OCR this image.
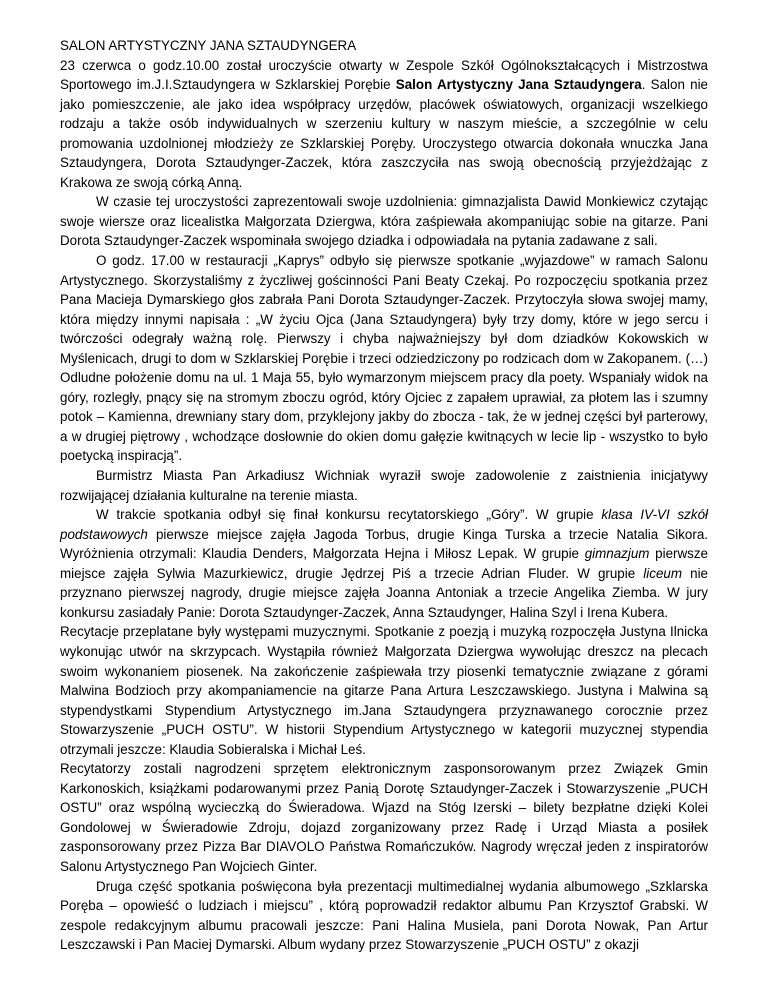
SALON ARTYSTYCZNY JANA SZTAUDYNGERA

23 czerwca o godz.10.00 został uroczyście otwarty w Zespole Szkół Ogólnokształcących i Mistrzostwa Sportowego im.J.I.Sztaudyngera w Szklarskiej Porębie Salon Artystyczny Jana Sztaudyngera. Salon nie jako pomieszczenie, ale jako idea współpracy urzędów, placówek oświatowych, organizacji wszelkiego rodzaju a także osób indywidualnych w szerzeniu kultury w naszym mieście, a szczególnie w celu promowania uzdolnionej młodzieży ze Szklarskiej Poręby. Uroczystego otwarcia dokonała wnuczka Jana Sztaudyngera, Dorota Sztaudynger-Zaczek, która zaszczyciła nas swoją obecnością przyjeżdżając z Krakowa ze swoją córką Anną.

W czasie tej uroczystości zaprezentowali swoje uzdolnienia: gimnazjalista Dawid Monkiewicz czytając swoje wiersze oraz licealistka Małgorzata Dziergwa, która zaśpiewała akompaniując sobie na gitarze. Pani Dorota Sztaudynger-Zaczek wspominała swojego dziadka i odpowiadała na pytania zadawane z sali.

O godz. 17.00 w restauracji „Kaprys” odbyło się pierwsze spotkanie „wyjazdowe” w ramach Salonu Artystycznego. Skorzystaliśmy z życzliwej gościnności Pani Beaty Czekaj. Po rozpoczęciu spotkania przez Pana Macieja Dymarskiego głos zabrała Pani Dorota Sztaudynger-Zaczek. Przytoczyła słowa swojej mamy, która między innymi napisała : „W życiu Ojca (Jana Sztaudyngera) były trzy domy, które w jego sercu i twórczości odegrały ważną rolę. Pierwszy i chyba najważniejszy był dom dziadków Kokowskich w Myślenicach, drugi to dom w Szklarskiej Porębie i trzeci odziedziczony po rodzicach dom w Zakopanem. (…) Odludne położenie domu na ul. 1 Maja 55, było wymarzonym miejscem pracy dla poety. Wspaniały widok na góry, rozległy, pnący się na stromym zboczu ogród, który Ojciec z zapałem uprawiał, za płotem las i szumny potok – Kamienna, drewniany stary dom, przyklejony jakby do zbocza - tak, że w jednej części był parterowy, a w drugiej piętrowy , wchodzące dosłownie do okien domu gałęzie kwitnących w lecie lip - wszystko to było poetycką inspiracją”.

Burmistrz Miasta Pan Arkadiusz Wichniak wyraził swoje zadowolenie z zaistnienia inicjatywy rozwijającej działania kulturalne na terenie miasta.

W trakcie spotkania odbył się finał konkursu recytatorskiego „Góry”. W grupie klasa IV-VI szkół podstawowych pierwsze miejsce zajęła Jagoda Torbus, drugie Kinga Turska a trzecie Natalia Sikora. Wyróżnienia otrzymali: Klaudia Denders, Małgorzata Hejna i Miłosz Lepak. W grupie gimnazjum pierwsze miejsce zajęła Sylwia Mazurkiewicz, drugie Jędrzej Piś a trzecie Adrian Fluder. W grupie liceum nie przyznano pierwszej nagrody, drugie miejsce zajęła Joanna Antoniak a trzecie Angelika Ziemba. W jury konkursu zasiadały Panie: Dorota Sztaudynger-Zaczek, Anna Sztaudynger, Halina Szyl i Irena Kubera.

Recytacje przeplatane były występami muzycznymi. Spotkanie z poezją i muzyką rozpoczęła Justyna Ilnicka wykonując utwór na skrzypcach. Wystąpiła również Małgorzata Dziergwa wywołując dreszcz na plecach swoim wykonaniem piosenek. Na zakończenie zaśpiewała trzy piosenki tematycznie związane z górami Malwina Bodzioch przy akompaniamencie na gitarze Pana Artura Leszczawskiego. Justyna i Malwina są stypendystkami Stypendium Artystycznego im.Jana Sztaudyngera przyznawanego corocznie przez Stowarzyszenie „PUCH OSTU”. W historii Stypendium Artystycznego w kategorii muzycznej stypendia otrzymali jeszcze: Klaudia Sobieralska i Michał Leś.

Recytatorzy zostali nagrodzeni sprzętem elektronicznym zasponsorowanym przez Związek Gmin Karkonoskich, książkami podarowanymi przez Panią Dorotę Sztaudynger-Zaczek i Stowarzyszenie „PUCH OSTU” oraz wspólną wycieczką do Świeradowa. Wjazd na Stóg Izerski – bilety bezpłatne dzięki Kolei Gondolowej w Świeradowie Zdroju, dojazd zorganizowany przez Radę i Urząd Miasta a posiłek zasponsorowany przez Pizza Bar DIAVOLO Państwa Romańczuków. Nagrody wręczał jeden z inspiratorów Salonu Artystycznego Pan Wojciech Ginter.

Druga część spotkania poświęcona była prezentacji multimedialnej wydania albumowego „Szklarska Poręba – opowieść o ludziach i miejscu” , którą poprowadził redaktor albumu Pan Krzysztof Grabski. W zespole redakcyjnym albumu pracowali jeszcze: Pani Halina Musiela, pani Dorota Nowak, Pan Artur Leszczawski i Pan Maciej Dymarski. Album wydany przez Stowarzyszenie „PUCH OSTU” z okazji
